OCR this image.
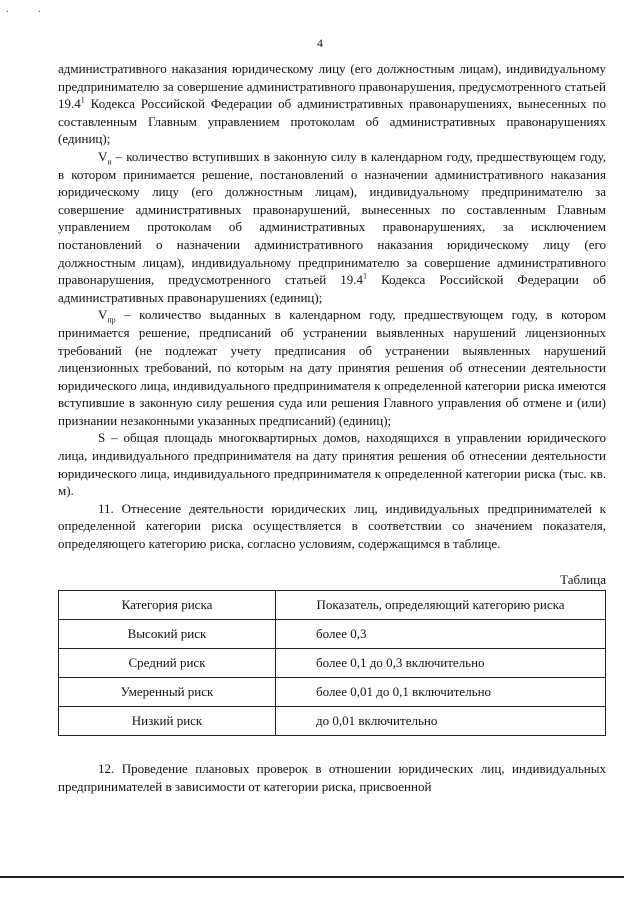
.	.
4

административного наказания юридическому лицу (его должностным лицам), индивидуальному предпринимателю за совершение административного правонарушения, предусмотренного статьей 19.4$^1$ Кодекса Российской Федерации об административных правонарушениях, вынесенных по составленным Главным управлением протоколам об административных правонарушениях (единиц);

$V_н$ – количество вступивших в законную силу в календарном году, предшествующем году, в котором принимается решение, постановлений о назначении административного наказания юридическому лицу (его должностным лицам), индивидуальному предпринимателю за совершение административных правонарушений, вынесенных по составленным Главным управлением протоколам об административных правонарушениях, за исключением постановлений о назначении административного наказания юридическому лицу (его должностным лицам), индивидуальному предпринимателю за совершение административного правонарушения, предусмотренного статьей 19.4$^1$ Кодекса Российской Федерации об административных правонарушениях (единиц);

$V_{пр}$ – количество выданных в календарном году, предшествующем году, в котором принимается решение, предписаний об устранении выявленных нарушений лицензионных требований (не подлежат учету предписания об устранении выявленных нарушений лицензионных требований, по которым на дату принятия решения об отнесении деятельности юридического лица, индивидуального предпринимателя к определенной категории риска имеются вступившие в законную силу решения суда или решения Главного управления об отмене и (или) признании незаконными указанных предписаний) (единиц);

S – общая площадь многоквартирных домов, находящихся в управлении юридического лица, индивидуального предпринимателя на дату принятия решения об отнесении деятельности юридического лица, индивидуального предпринимателя к определенной категории риска (тыс. кв. м).

11. Отнесение деятельности юридических лиц, индивидуальных предпринимателей к определенной категории риска осуществляется в соответствии со значением показателя, определяющего категорию риска, согласно условиям, содержащимся в таблице.

Таблица
Категория риска	Показатель, определяющий категорию риска
Высокий риск	более 0,3
Средний риск	более 0,1 до 0,3 включительно
Умеренный риск	более 0,01 до 0,1 включительно
Низкий риск	до 0,01 включительно

12. Проведение плановых проверок в отношении юридических лиц, индивидуальных предпринимателей в зависимости от категории риска, присвоенной
